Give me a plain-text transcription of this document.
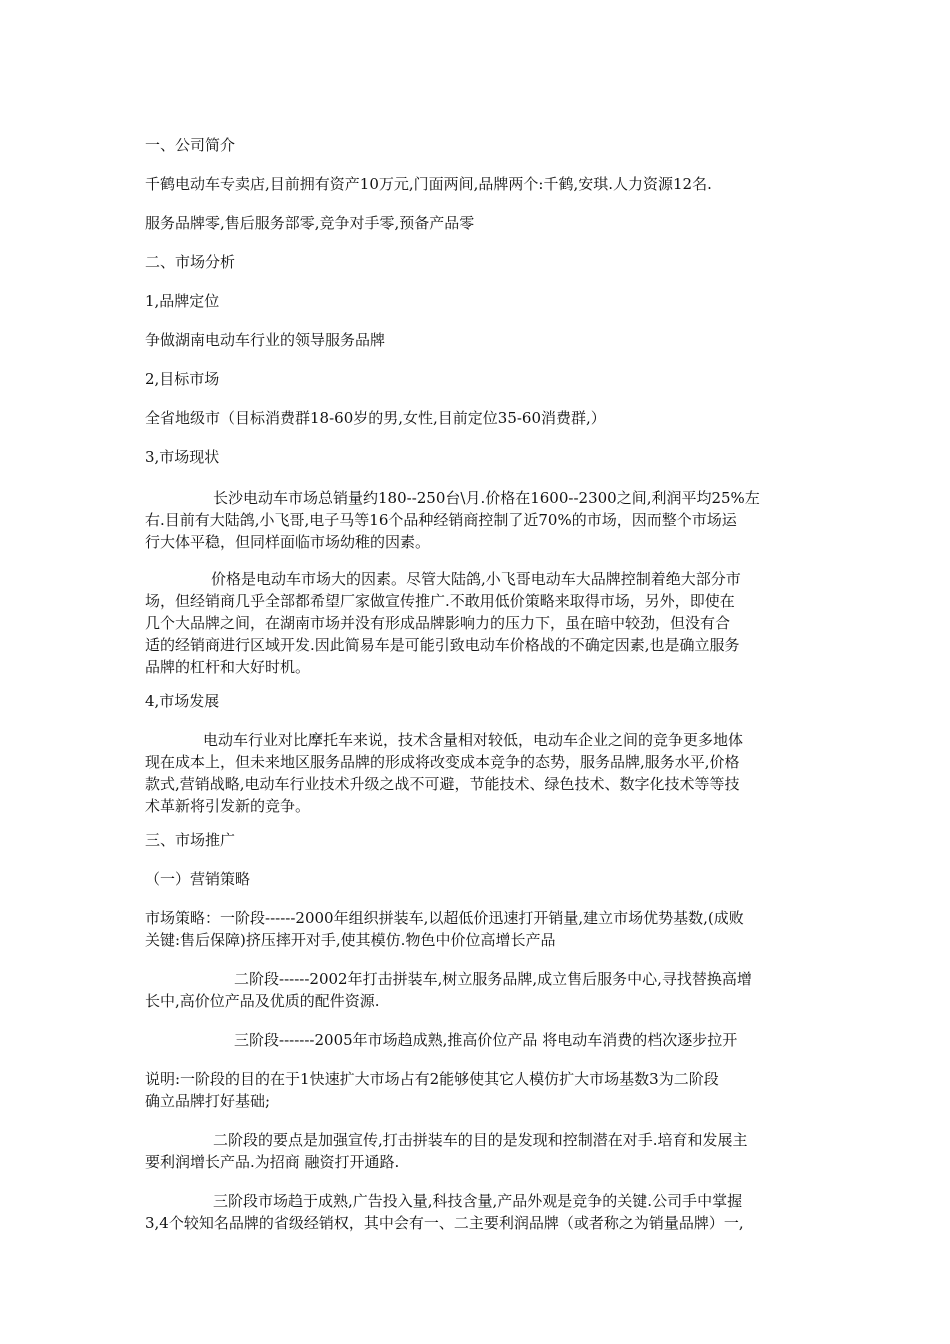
一、公司简介
千鹤电动车专卖店,目前拥有资产10万元,门面两间,品牌两个:千鹤,安琪.人力资源12名.
服务品牌零,售后服务部零,竞争对手零,预备产品零
二、市场分析
1,品牌定位
争做湖南电动车行业的领导服务品牌
2,目标市场
全省地级市（目标消费群18-60岁的男,女性,目前定位35-60消费群,）
3,市场现状
长沙电动车市场总销量约180--250台\月.价格在1600--2300之间,利润平均25%左
右.目前有大陆鸽,小飞哥,电子马等16个品种经销商控制了近70%的市场，因而整个市场运
行大体平稳，但同样面临市场幼稚的因素。
价格是电动车市场大的因素。尽管大陆鸽,小飞哥电动车大品牌控制着绝大部分市
场，但经销商几乎全部都希望厂家做宣传推广.不敢用低价策略来取得市场，另外，即使在
几个大品牌之间，在湖南市场并没有形成品牌影响力的压力下，虽在暗中较劲，但没有合
适的经销商进行区域开发.因此简易车是可能引致电动车价格战的不确定因素,也是确立服务
品牌的杠杆和大好时机。
4,市场发展
电动车行业对比摩托车来说，技术含量相对较低，电动车企业之间的竞争更多地体
现在成本上，但未来地区服务品牌的形成将改变成本竞争的态势，服务品牌,服务水平,价格
款式,营销战略,电动车行业技术升级之战不可避，节能技术、绿色技术、数字化技术等等技
术革新将引发新的竞争。
三、市场推广
（一）营销策略
市场策略：一阶段------2000年组织拼装车,以超低价迅速打开销量,建立市场优势基数,(成败
关键:售后保障)挤压摔开对手,使其模仿.物色中价位高增长产品
二阶段------2002年打击拼装车,树立服务品牌,成立售后服务中心,寻找替换高增
长中,高价位产品及优质的配件资源.
三阶段-------2005年市场趋成熟,推高价位产品 将电动车消费的档次逐步拉开
说明:一阶段的目的在于1快速扩大市场占有2能够使其它人模仿扩大市场基数3为二阶段
确立品牌打好基础;
二阶段的要点是加强宣传,打击拼装车的目的是发现和控制潜在对手.培育和发展主
要利润增长产品.为招商 融资打开通路.
三阶段市场趋于成熟,广告投入量,科技含量,产品外观是竞争的关键.公司手中掌握
3,4个较知名品牌的省级经销权，其中会有一、二主要利润品牌（或者称之为销量品牌）一,
